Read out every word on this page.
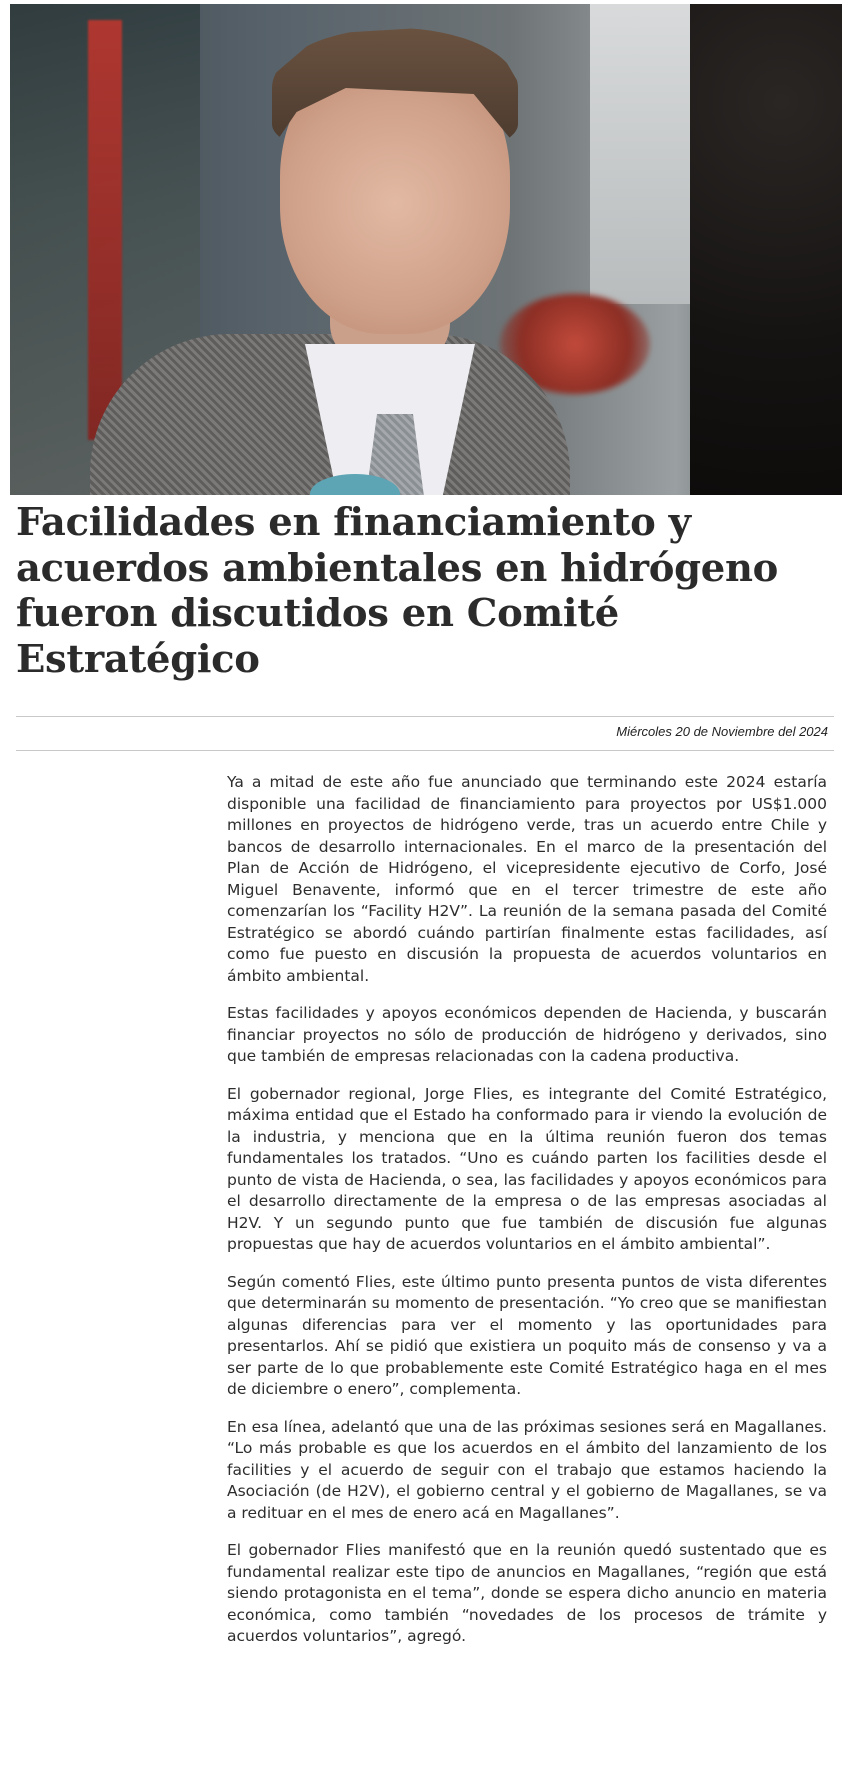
Facilidades en financiamiento y acuerdos ambientales en hidrógeno fueron discutidos en Comité Estratégico
Miércoles 20 de Noviembre del 2024

Ya a mitad de este año fue anunciado que terminando este 2024 estaría disponible una facilidad de financiamiento para proyectos por US$1.000 millones en proyectos de hidrógeno verde, tras un acuerdo entre Chile y bancos de desarrollo internacionales. En el marco de la presentación del Plan de Acción de Hidrógeno, el vicepresidente ejecutivo de Corfo, José Miguel Benavente, informó que en el tercer trimestre de este año comenzarían los “Facility H2V”. La reunión de la semana pasada del Comité Estratégico se abordó cuándo partirían finalmente estas facilidades, así como fue puesto en discusión la propuesta de acuerdos voluntarios en ámbito ambiental.

Estas facilidades y apoyos económicos dependen de Hacienda, y buscarán financiar proyectos no sólo de producción de hidrógeno y derivados, sino que también de empresas relacionadas con la cadena productiva.

El gobernador regional, Jorge Flies, es integrante del Comité Estratégico, máxima entidad que el Estado ha conformado para ir viendo la evolución de la industria, y menciona que en la última reunión fueron dos temas fundamentales los tratados. “Uno es cuándo parten los facilities desde el punto de vista de Hacienda, o sea, las facilidades y apoyos económicos para el desarrollo directamente de la empresa o de las empresas asociadas al H2V. Y un segundo punto que fue también de discusión fue algunas propuestas que hay de acuerdos voluntarios en el ámbito ambiental”.

Según comentó Flies, este último punto presenta puntos de vista diferentes que determinarán su momento de presentación. “Yo creo que se manifiestan algunas diferencias para ver el momento y las oportunidades para presentarlos. Ahí se pidió que existiera un poquito más de consenso y va a ser parte de lo que probablemente este Comité Estratégico haga en el mes de diciembre o enero”, complementa.

En esa línea, adelantó que una de las próximas sesiones será en Magallanes. “Lo más probable es que los acuerdos en el ámbito del lanzamiento de los facilities y el acuerdo de seguir con el trabajo que estamos haciendo la Asociación (de H2V), el gobierno central y el gobierno de Magallanes, se va a redituar en el mes de enero acá en Magallanes”.

El gobernador Flies manifestó que en la reunión quedó sustentado que es fundamental realizar este tipo de anuncios en Magallanes, “región que está siendo protagonista en el tema”, donde se espera dicho anuncio en materia económica, como también “novedades de los procesos de trámite y acuerdos voluntarios”, agregó.
